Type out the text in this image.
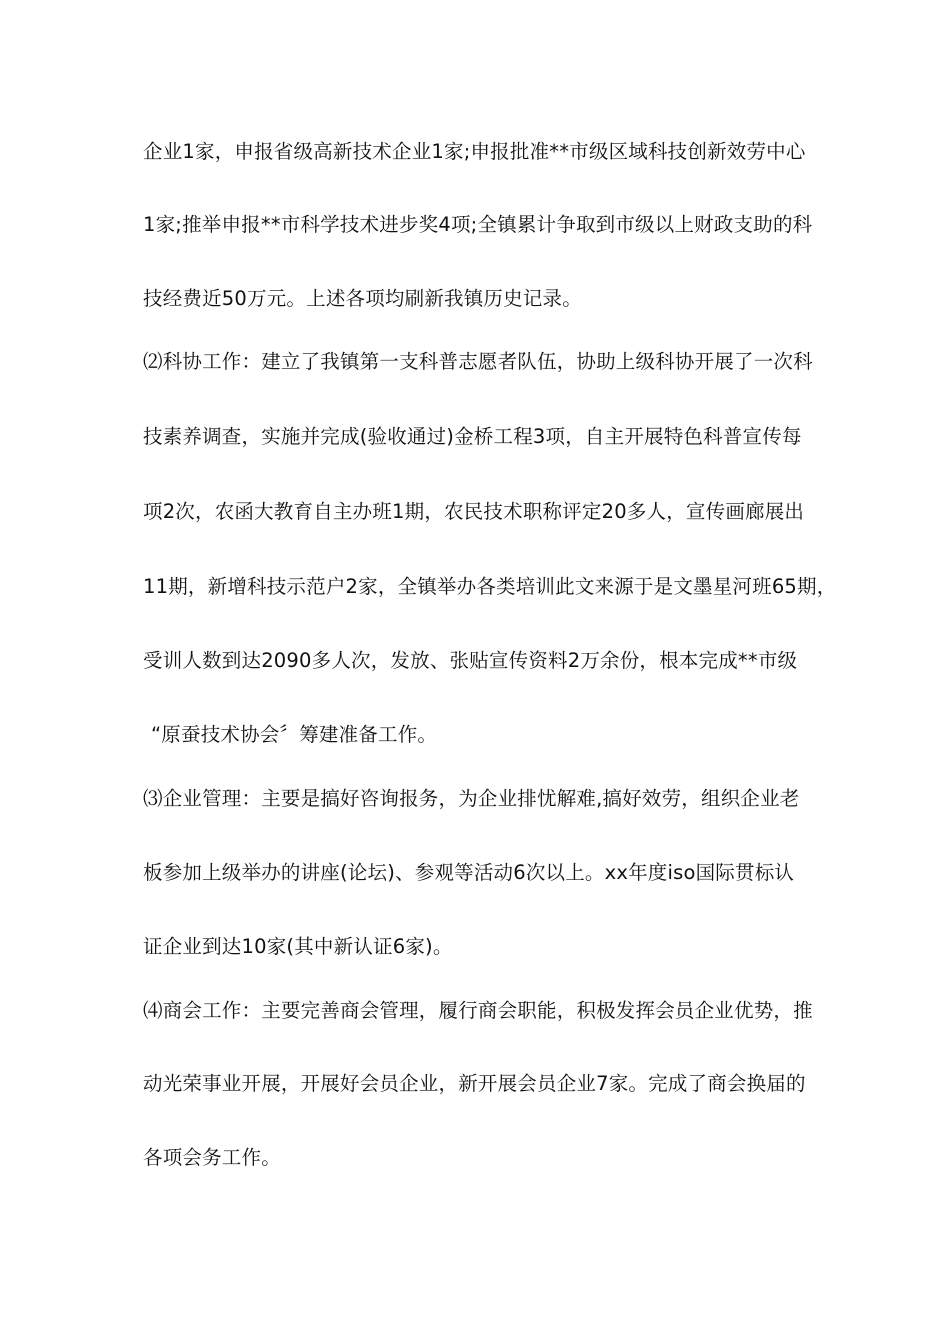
企业1家，申报省级高新技术企业1家;申报批准**市级区域科技创新效劳中心
1家;推举申报**市科学技术进步奖4项;全镇累计争取到市级以上财政支助的科
技经费近50万元。上述各项均刷新我镇历史记录。
⑵科协工作：建立了我镇第一支科普志愿者队伍，协助上级科协开展了一次科
技素养调查，实施并完成(验收通过)金桥工程3项，自主开展特色科普宣传每
项2次，农函大教育自主办班1期，农民技术职称评定20多人，宣传画廊展出
11期，新增科技示范户2家，全镇举办各类培训此文来源于是文墨星河班65期，
受训人数到达2090多人次，发放、张贴宣传资料2万余份，根本完成**市级
“原蚕技术协会〞筹建准备工作。
⑶企业管理：主要是搞好咨询报务，为企业排忧解难,搞好效劳，组织企业老
板参加上级举办的讲座(论坛)、参观等活动6次以上。xx年度iso国际贯标认
证企业到达10家(其中新认证6家)。
⑷商会工作：主要完善商会管理，履行商会职能，积极发挥会员企业优势，推
动光荣事业开展，开展好会员企业，新开展会员企业7家。完成了商会换届的
各项会务工作。
